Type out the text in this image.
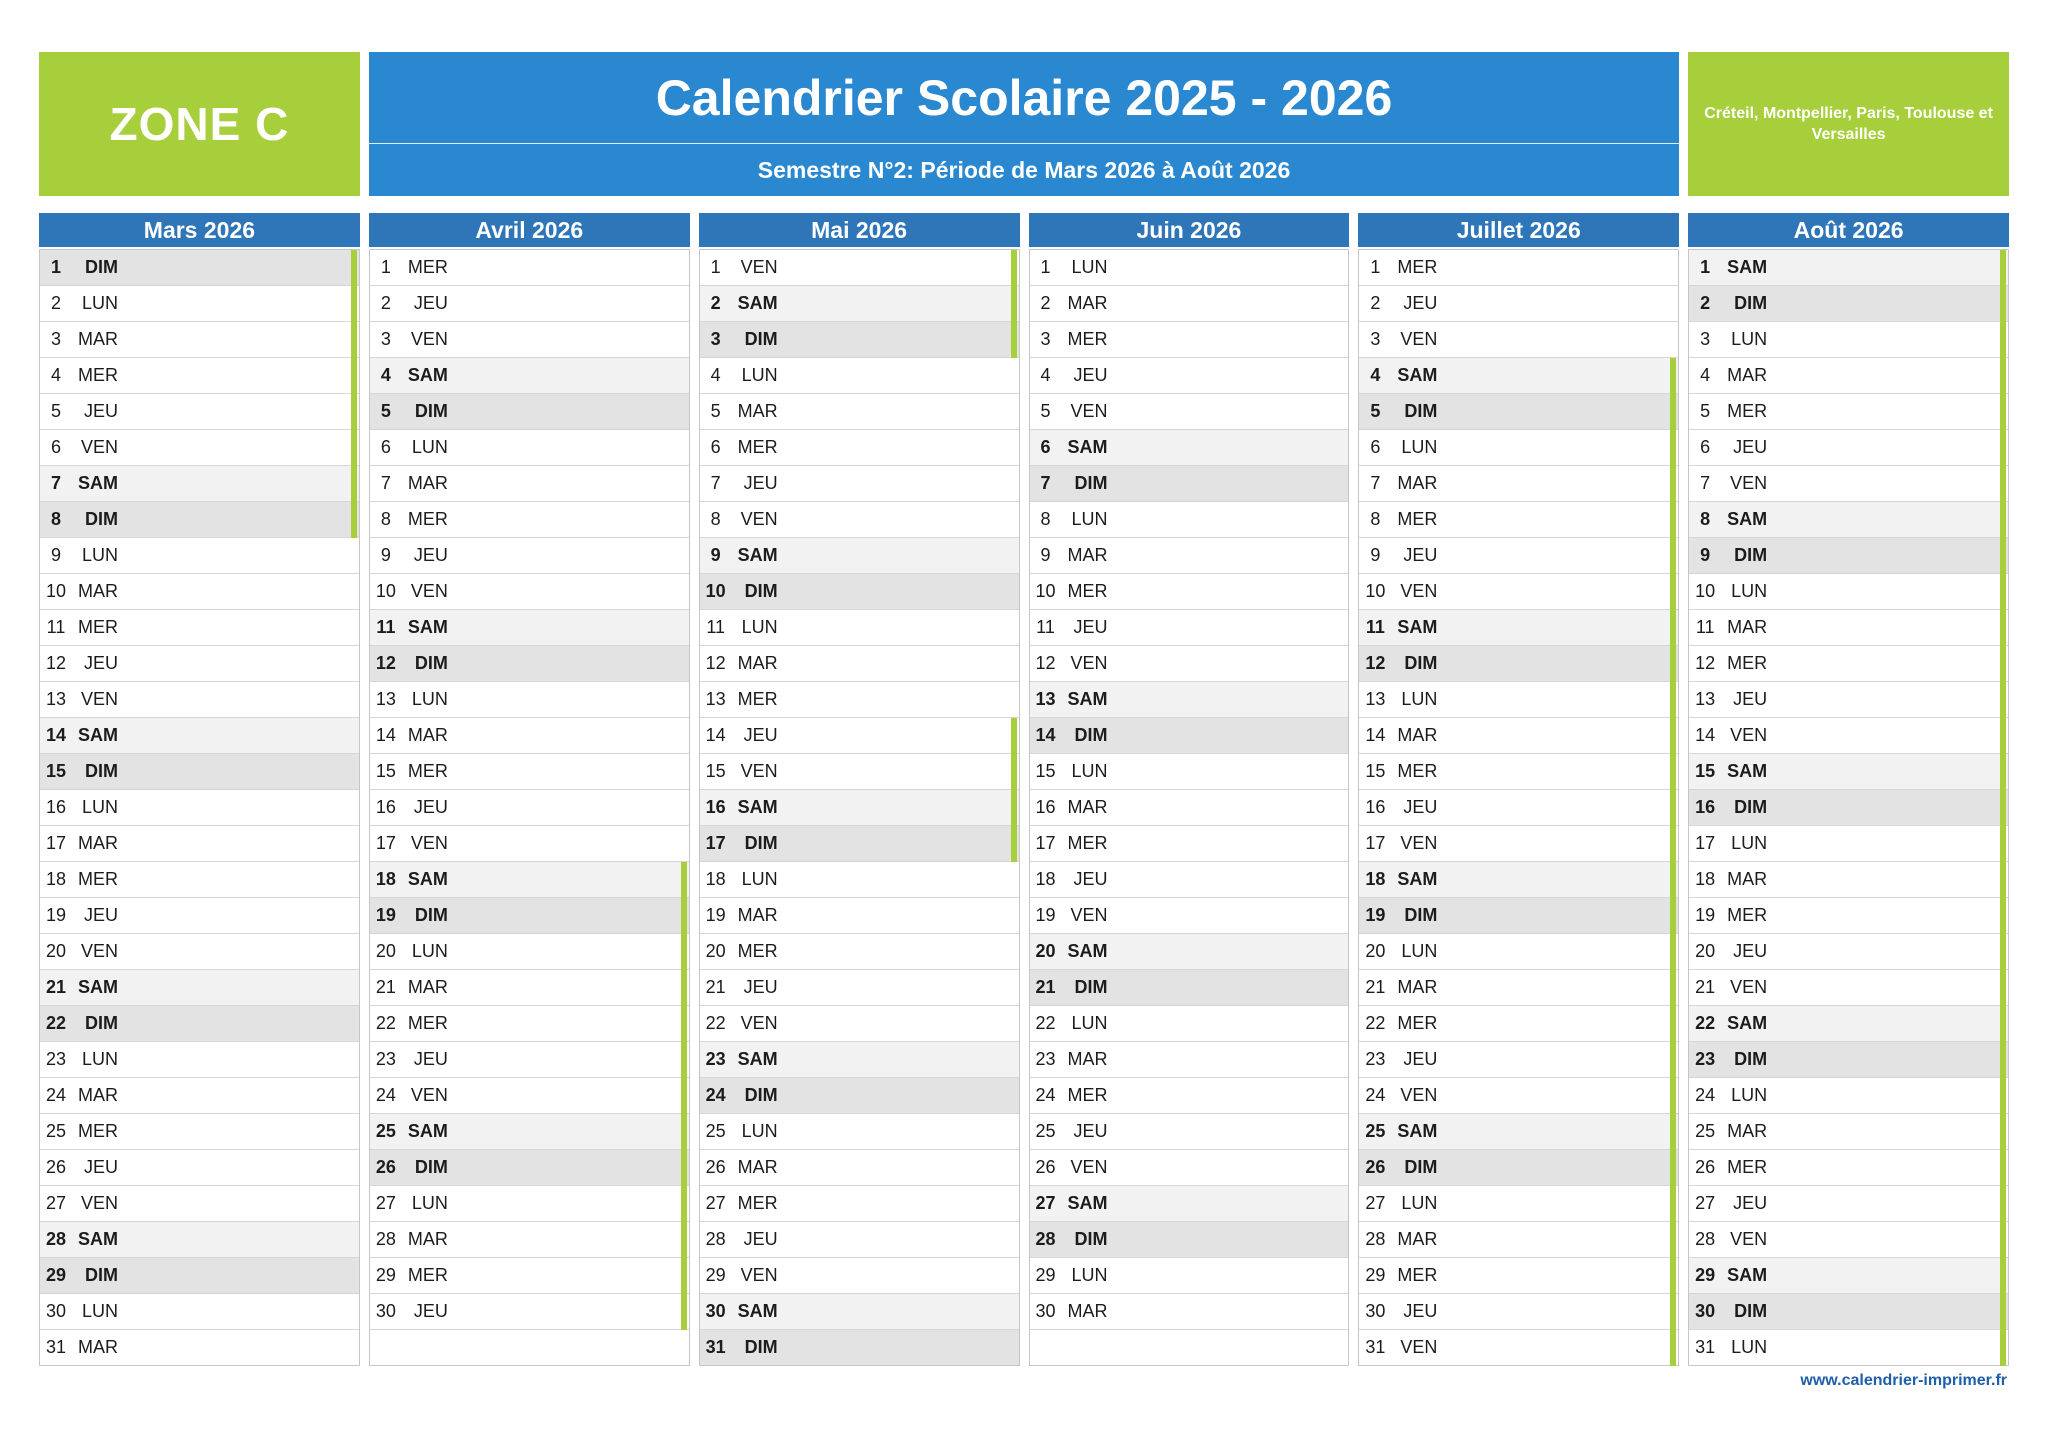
ZONE C	Calendrier Scolaire 2025 - 2026
Semestre N°2: Période de Mars 2026 à Août 2026
Créteil, Montpellier, Paris, Toulouse et Versailles
Mars 2026
1	DIM
2	LUN
3 MAR
4 MER
5	JEU
6	VEN
7 SAM
8	DIM
9	LUN
10 MAR
11 MER
12 JEU
13 VEN
14 SAM
15	DIM
16 LUN
17 MAR
18 MER
19 JEU
20 VEN
21 SAM
22	DIM
23 LUN
24 MAR
25 MER
26 JEU
27 VEN
28 SAM
29	DIM
30 LUN
31 MAR
Avril 2026
1 MER
2	JEU
3	VEN
4 SAM
5	DIM
6	LUN
7 MAR
8 MER
9	JEU
10 VEN
11 SAM
12	DIM
13 LUN
14 MAR
15 MER
16 JEU
17 VEN
18 SAM
19	DIM
20 LUN
21 MAR
22 MER
23 JEU
24 VEN
25 SAM
26	DIM
27 LUN
28 MAR
29 MER
30 JEU
Mai 2026
1	VEN
2 SAM
3	DIM
4	LUN
5 MAR
6 MER
7	JEU
8	VEN
9 SAM
10	DIM
11 LUN
12 MAR
13 MER
14 JEU
15 VEN
16 SAM
17	DIM
18 LUN
19 MAR
20 MER
21 JEU
22 VEN
23 SAM
24	DIM
25 LUN
26 MAR
27 MER
28 JEU
29 VEN
30 SAM
31	DIM
Juin 2026
1	LUN
2 MAR
3 MER
4	JEU
5	VEN
6 SAM
7	DIM
8	LUN
9 MAR
10 MER
11	JEU
12 VEN
13 SAM
14	DIM
15 LUN
16 MAR
17 MER
18 JEU
19 VEN
20 SAM
21	DIM
22 LUN
23 MAR
24 MER
25 JEU
26 VEN
27 SAM
28	DIM
29 LUN
30 MAR
Juillet 2026
1 MER
2	JEU
3	VEN
4 SAM
5	DIM
6	LUN
7 MAR
8 MER
9	JEU
10 VEN
11 SAM
12	DIM
13 LUN
14 MAR
15 MER
16 JEU
17 VEN
18 SAM
19	DIM
20 LUN
21 MAR
22 MER
23 JEU
24 VEN
25 SAM
26	DIM
27 LUN
28 MAR
29 MER
30 JEU
31 VEN
Août 2026
1 SAM
2	DIM
3	LUN
4 MAR
5 MER
6	JEU
7	VEN
8 SAM
9	DIM
10 LUN
11 MAR
12 MER
13 JEU
14 VEN
15 SAM
16	DIM
17 LUN
18 MAR
19 MER
20 JEU
21 VEN
22 SAM
23	DIM
24 LUN
25 MAR
26 MER
27 JEU
28 VEN
29 SAM
30	DIM
31 LUN
www.calendrier-imprimer.fr
